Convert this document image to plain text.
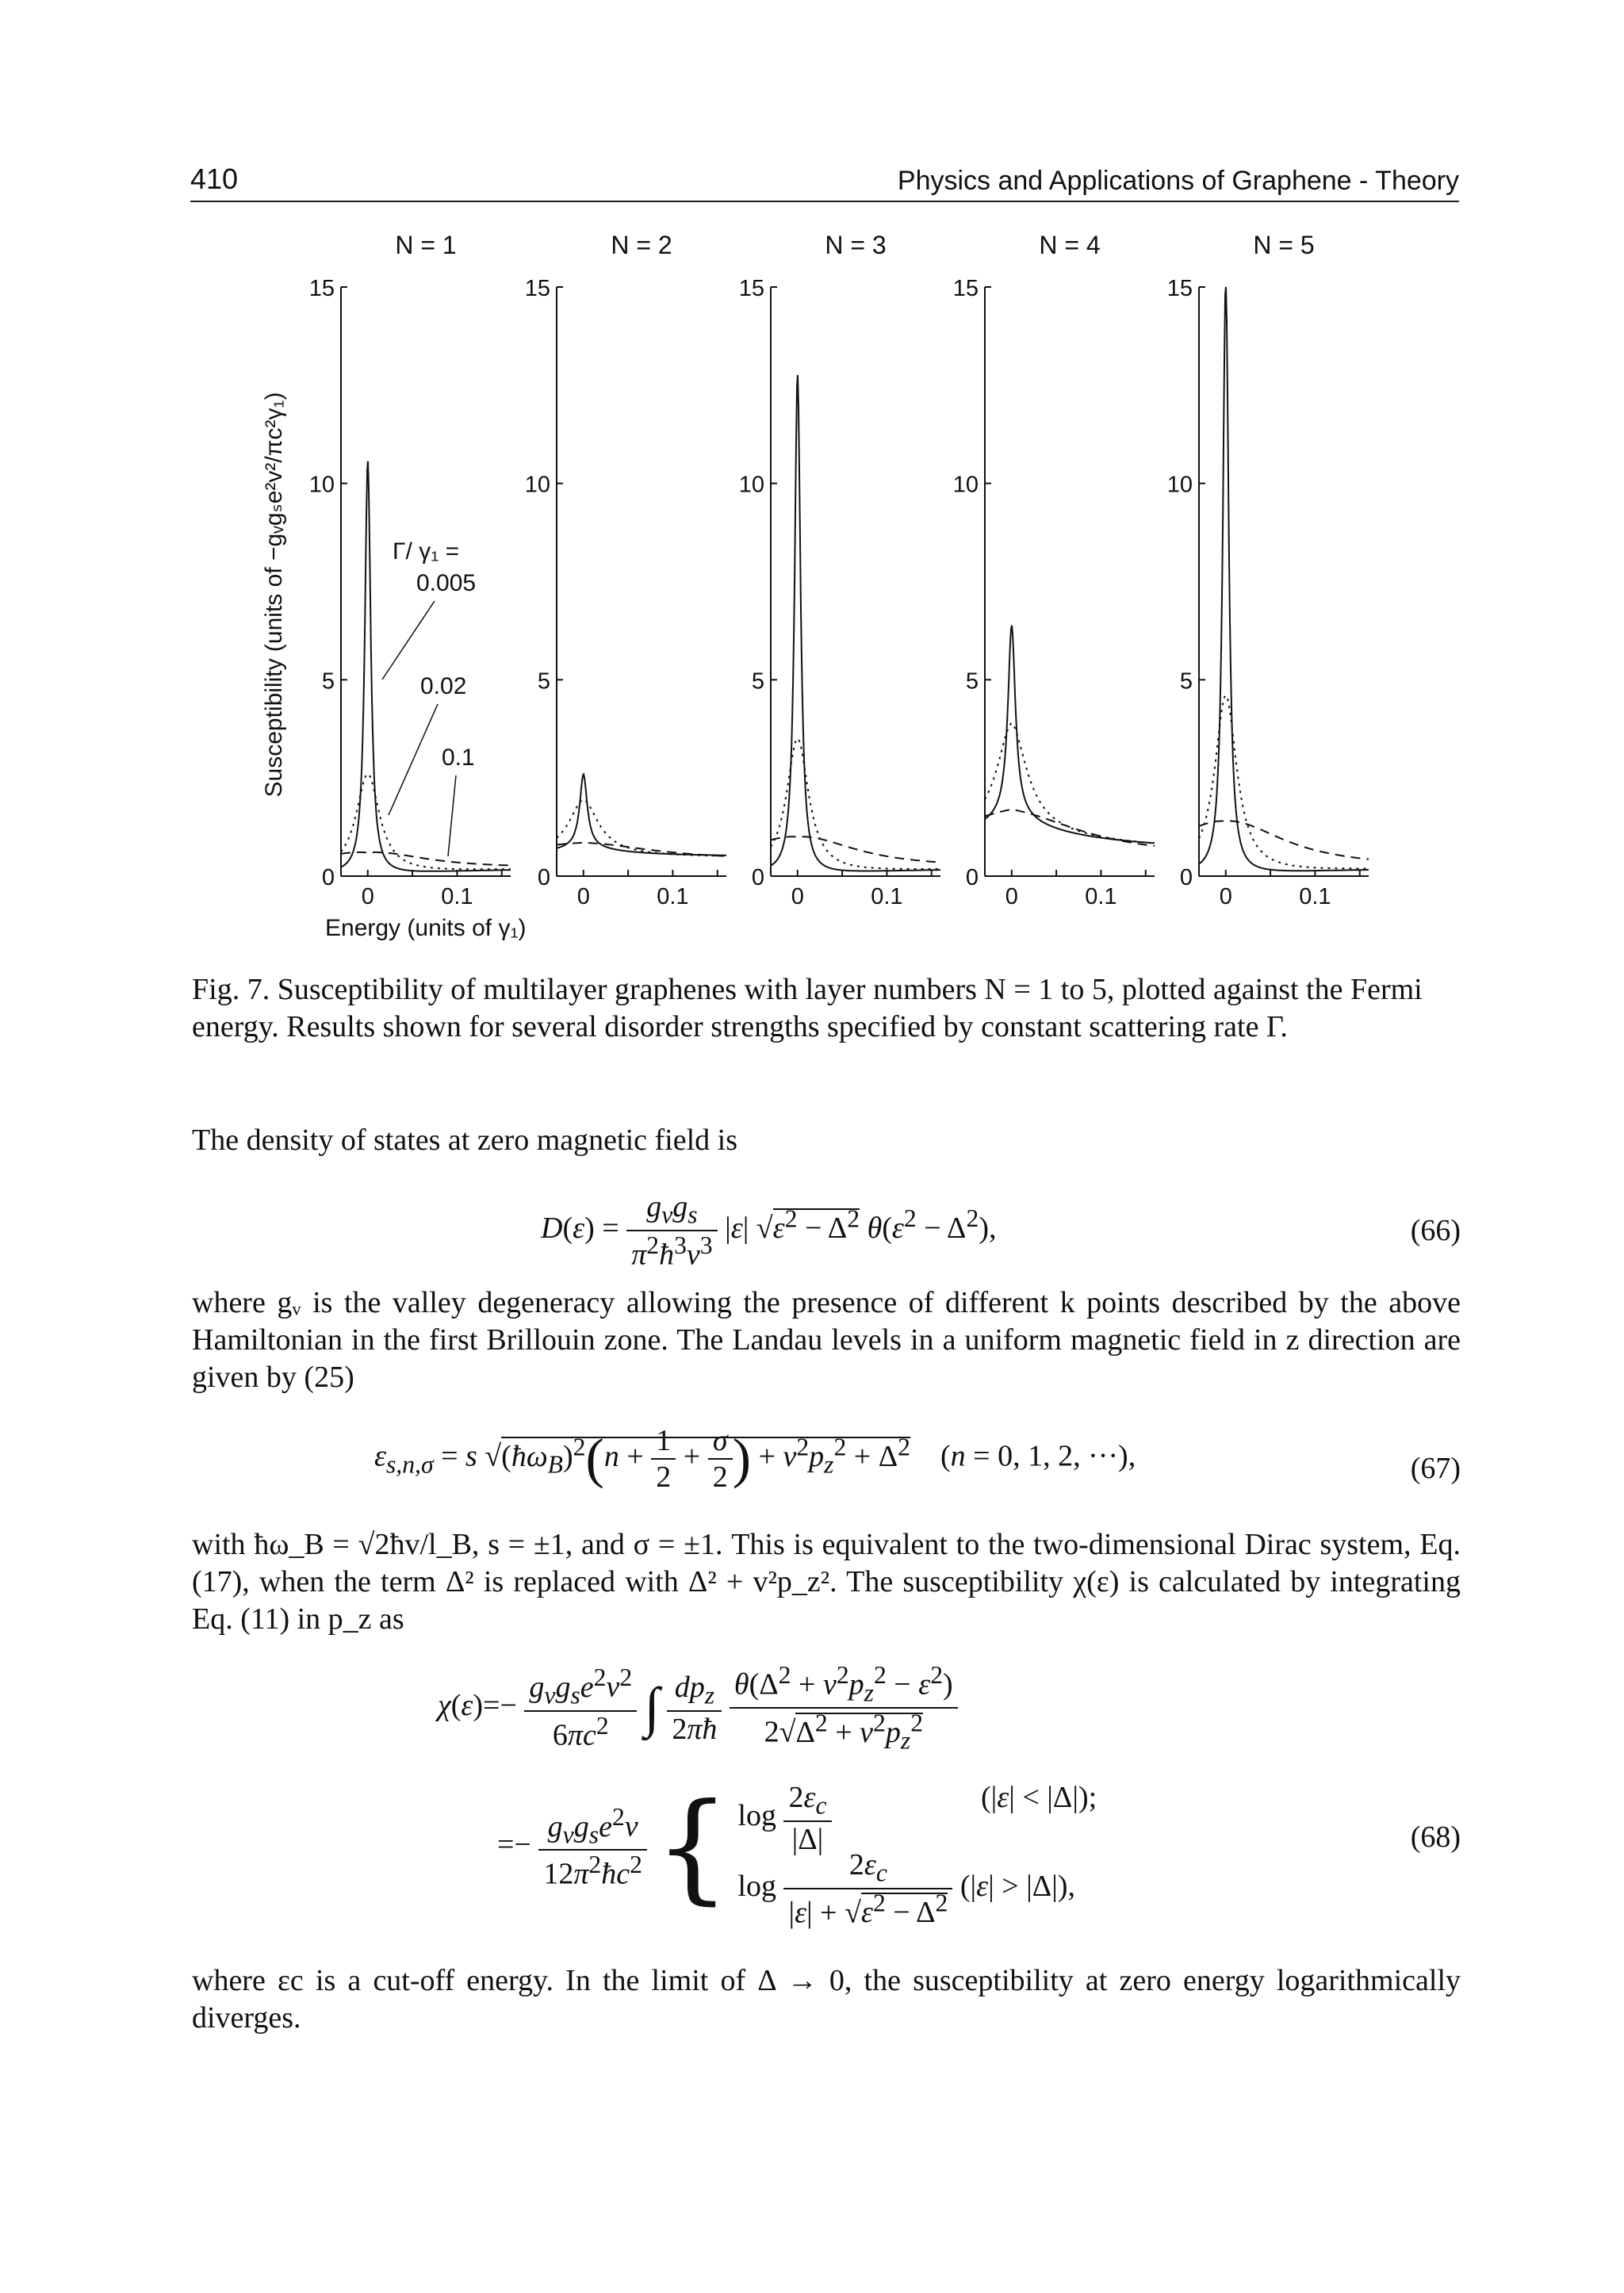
410	Physics and Applications of Graphene - Theory
N = 1
0
5
10
15
0	0.1
N = 2
0
5
10
15
0	0.1
N = 3
0
5
10
15
0	0.1
N = 4
0
5
10
15
0	0.1
N = 5
0
5
10
15
0	0.1
Susceptibility (units of −gᵥgₛe²v²/πc²γ₁)
Energy (units of γ₁)
Γ/ γ₁ =
0.005
0.02
0.1
Fig. 7. Susceptibility of multilayer graphenes with layer numbers N = 1 to 5, plotted against the Fermi energy. Results shown for several disorder strengths specified by constant scattering rate Γ.
The density of states at zero magnetic field is
$D(\varepsilon) = \frac{g_vg_s}{\pi^2ħ^3v^3} |\varepsilon|$ $√\varepsilon^2 - \Delta^2$ $\theta(\varepsilon^2 - \Delta^2)$,	(66)
where gᵥ is the valley degeneracy allowing the presence of different k points described by the above Hamiltonian in the first Brillouin zone. The Landau levels in a uniform magnetic field in z direction are given by (25)
$\varepsilon_{s,n,\sigma} = s$ $√(ħ\omega_B)^2(n + \frac{1}{2} + \frac{\sigma}{2}$ ) + $v^2p_z^2 + \Delta^2$    (n = 0, 1, 2, ···),	(67)
with ħω_B = √2ħv/l_B, s = ±1, and σ = ±1. This is equivalent to the two-dimensional Dirac system, Eq. (17), when the term Δ² is replaced with Δ² + v²p_z². The susceptibility χ(ε) is calculated by integrating Eq. (11) in p_z as
$\chi(\varepsilon)=- \frac{g_vg_se^2v^2}{6\pi c^2}$ ∫ $\frac{dp_z}{2\pi ħ}$
$\frac{\theta(\Delta^2 + v^2p_z^2 - \varepsilon^2)}{2√\Delta^2 + v^2p_z^2}$
=− $\frac{g_vg_se^2v}{12\pi^2ħc^2}$ { $\log \frac{2\varepsilon_c}{|\Delta|}$	(|ε| < |Δ|);
$\log \frac{2\varepsilon_c}{|\varepsilon| + √\varepsilon^2 - \Delta^2} (|\varepsilon| > |\Delta|)$,
(68)
where εc is a cut-off energy. In the limit of Δ → 0, the susceptibility at zero energy logarithmically diverges.
